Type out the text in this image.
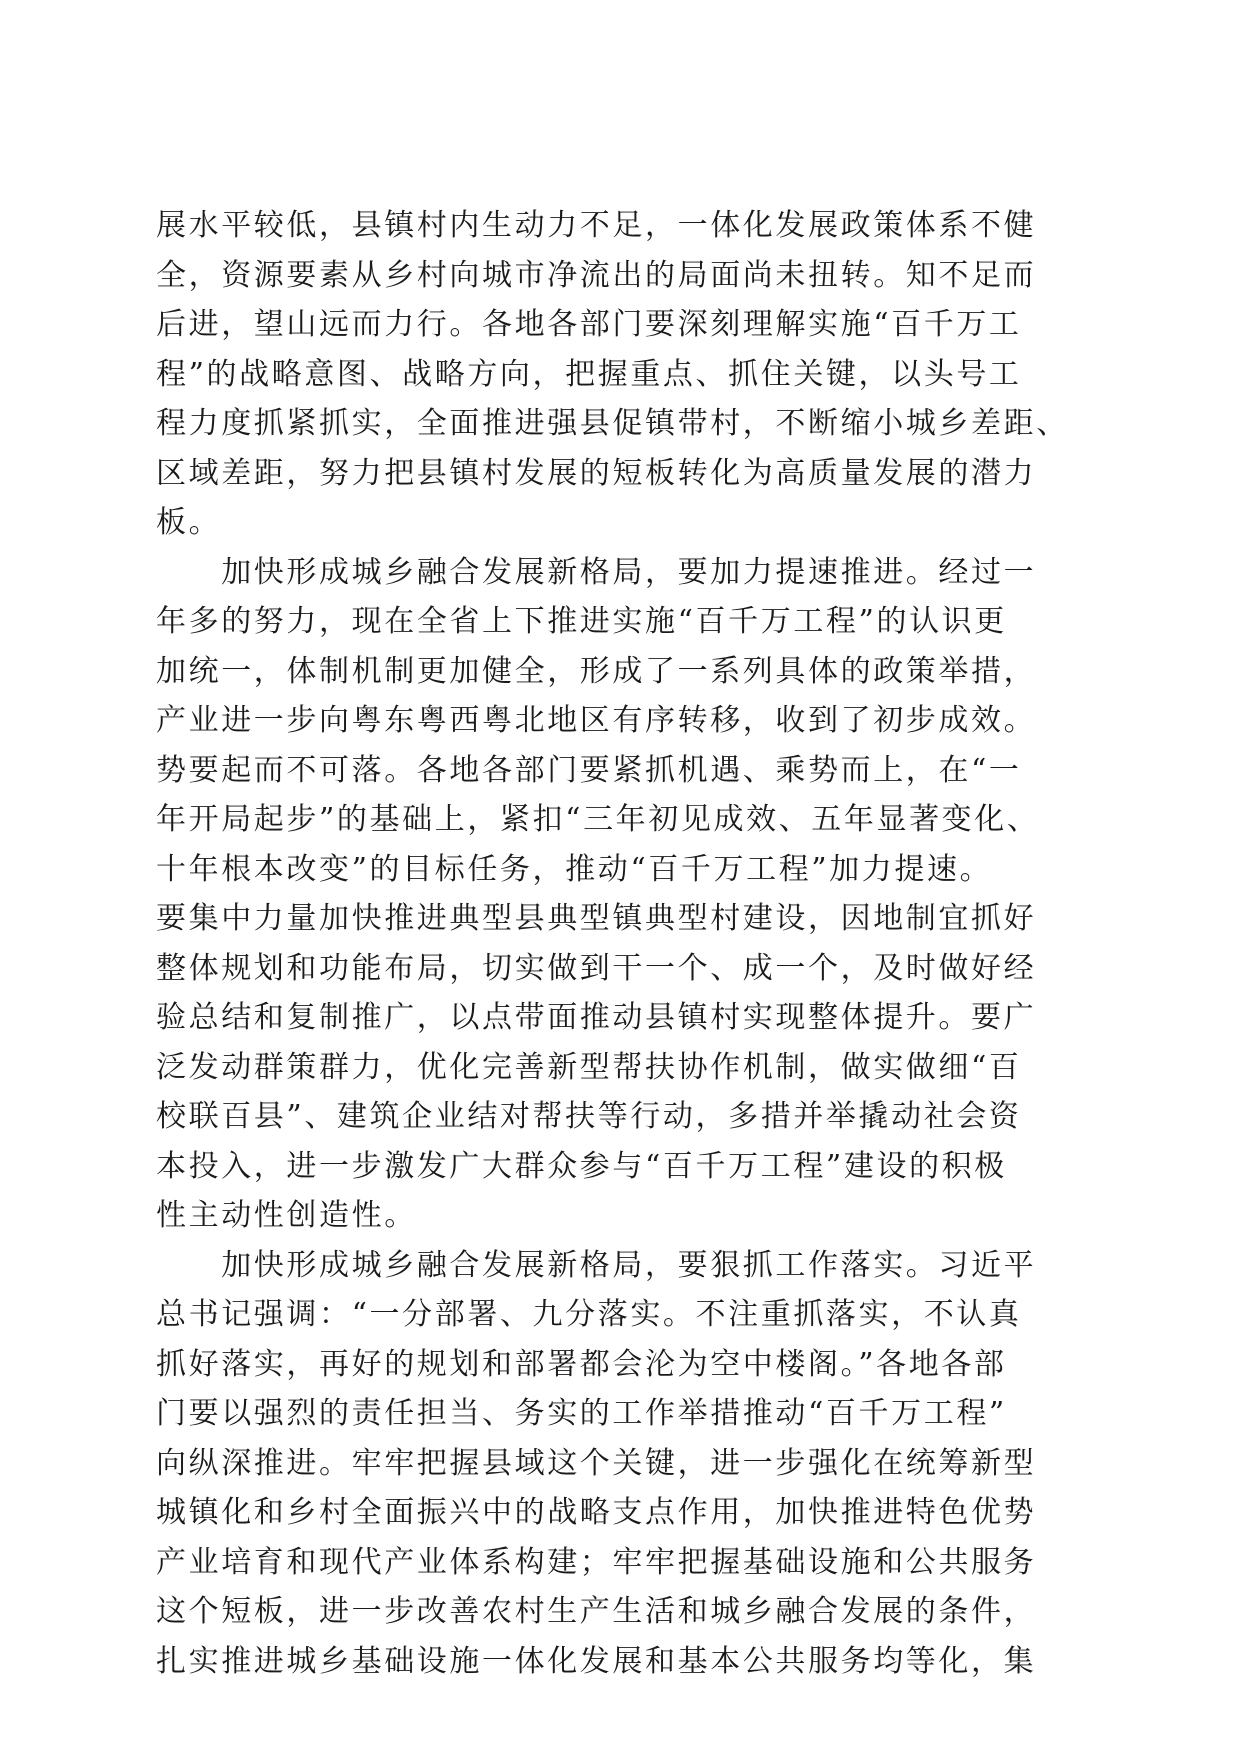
展水平较低，县镇村内生动力不足，一体化发展政策体系不健
全，资源要素从乡村向城市净流出的局面尚未扭转。知不足而
后进，望山远而力行。各地各部门要深刻理解实施“百千万工
程”的战略意图、战略方向，把握重点、抓住关键，以头号工
程力度抓紧抓实，全面推进强县促镇带村，不断缩小城乡差距、
区域差距，努力把县镇村发展的短板转化为高质量发展的潜力
板。
　　加快形成城乡融合发展新格局，要加力提速推进。经过一
年多的努力，现在全省上下推进实施“百千万工程”的认识更
加统一，体制机制更加健全，形成了一系列具体的政策举措，
产业进一步向粤东粤西粤北地区有序转移，收到了初步成效。
势要起而不可落。各地各部门要紧抓机遇、乘势而上，在“一
年开局起步”的基础上，紧扣“三年初见成效、五年显著变化、
十年根本改变”的目标任务，推动“百千万工程”加力提速。
要集中力量加快推进典型县典型镇典型村建设，因地制宜抓好
整体规划和功能布局，切实做到干一个、成一个，及时做好经
验总结和复制推广，以点带面推动县镇村实现整体提升。要广
泛发动群策群力，优化完善新型帮扶协作机制，做实做细“百
校联百县”、建筑企业结对帮扶等行动，多措并举撬动社会资
本投入，进一步激发广大群众参与“百千万工程”建设的积极
性主动性创造性。
　　加快形成城乡融合发展新格局，要狠抓工作落实。习近平
总书记强调：“一分部署、九分落实。不注重抓落实，不认真
抓好落实，再好的规划和部署都会沦为空中楼阁。”各地各部
门要以强烈的责任担当、务实的工作举措推动“百千万工程”
向纵深推进。牢牢把握县域这个关键，进一步强化在统筹新型
城镇化和乡村全面振兴中的战略支点作用，加快推进特色优势
产业培育和现代产业体系构建；牢牢把握基础设施和公共服务
这个短板，进一步改善农村生产生活和城乡融合发展的条件，
扎实推进城乡基础设施一体化发展和基本公共服务均等化，集
